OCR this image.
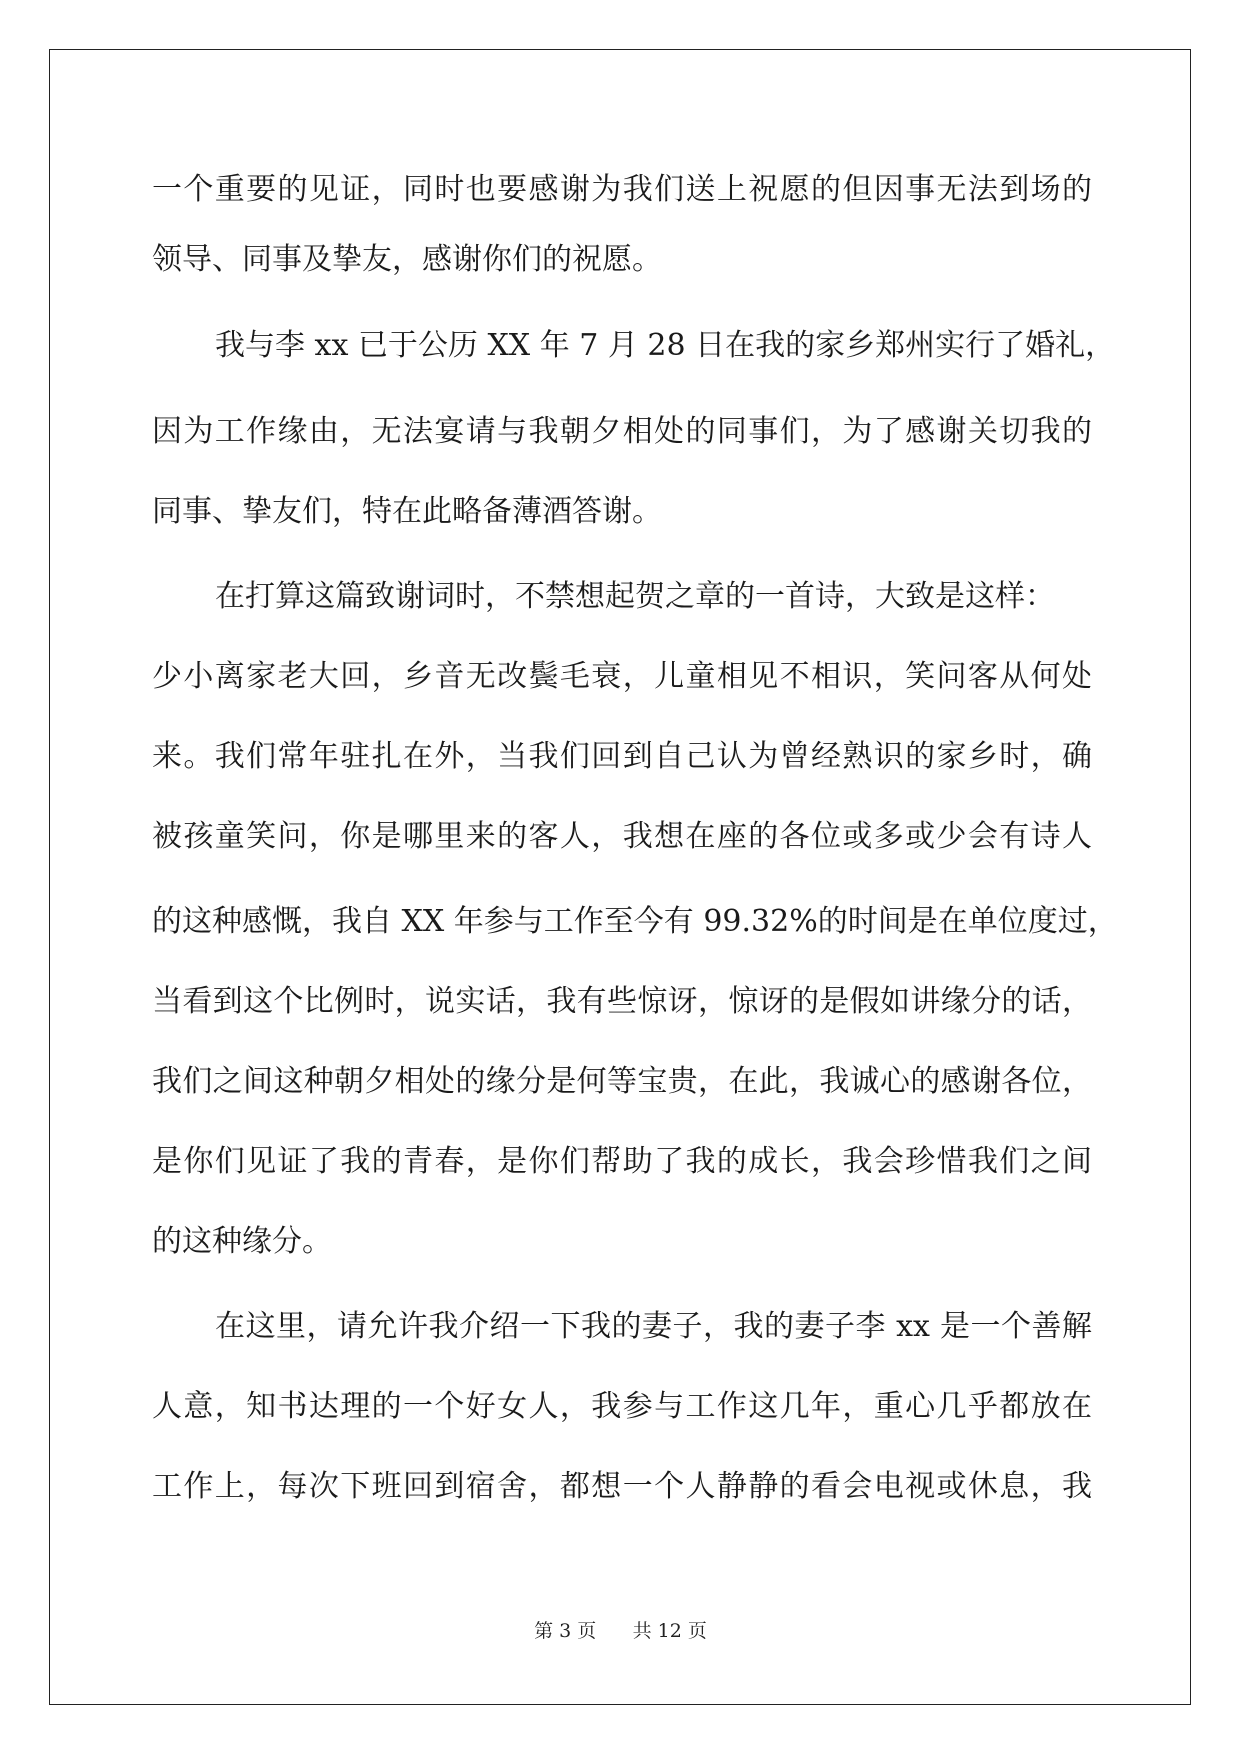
一个重要的见证，同时也要感谢为我们送上祝愿的但因事无法到场的
领导、同事及挚友，感谢你们的祝愿。
我与李 xx 已于公历 XX 年 7 月 28 日在我的家乡郑州实行了婚礼，
因为工作缘由，无法宴请与我朝夕相处的同事们，为了感谢关切我的
同事、挚友们，特在此略备薄酒答谢。
在打算这篇致谢词时，不禁想起贺之章的一首诗，大致是这样：
少小离家老大回，乡音无改鬓毛衰，儿童相见不相识，笑问客从何处
来。我们常年驻扎在外，当我们回到自己认为曾经熟识的家乡时，确
被孩童笑问，你是哪里来的客人，我想在座的各位或多或少会有诗人
的这种感慨，我自 XX 年参与工作至今有 99.32%的时间是在单位度过，
当看到这个比例时，说实话，我有些惊讶，惊讶的是假如讲缘分的话，
我们之间这种朝夕相处的缘分是何等宝贵，在此，我诚心的感谢各位，
是你们见证了我的青春，是你们帮助了我的成长，我会珍惜我们之间
的这种缘分。
在这里，请允许我介绍一下我的妻子，我的妻子李 xx 是一个善解
人意，知书达理的一个好女人，我参与工作这几年，重心几乎都放在
工作上，每次下班回到宿舍，都想一个人静静的看会电视或休息，我
第 3 页 共 12 页
